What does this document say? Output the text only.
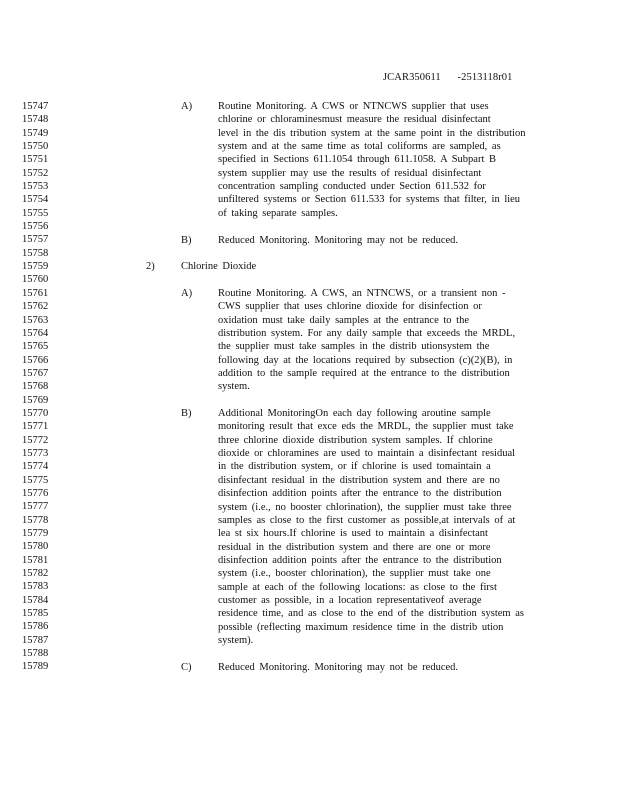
JCAR350611 -2513118r01
15747
15748
15749
15750
15751
15752
15753
15754
15755
15756
15757
15758
15759
15760
15761
15762
15763
15764
15765
15766
15767
15768
15769
15770
15771
15772
15773
15774
15775
15776
15777
15778
15779
15780
15781
15782
15783
15784
15785
15786
15787
15788
15789
A) Routine Monitoring. A CWS or NTNCWS supplier that uses
chlorine or chloraminesmust measure the residual disinfectant
level in the dis tribution system at the same point in the distribution
system and at the same time as total coliforms are sampled, as
specified in Sections 611.1054 through 611.1058. A Subpart B
system supplier may use the results of residual disinfectant
concentration sampling conducted under Section 611.532 for
unfiltered systems or Section 611.533 for systems that filter, in lieu
of taking separate samples.
B)	Reduced Monitoring. Monitoring may not be reduced.
2)	Chlorine Dioxide
A) Routine Monitoring. A CWS, an NTNCWS, or a transient non -
CWS supplier that uses chlorine dioxide for disinfection or
oxidation must take daily samples at the entrance to the
distribution system. For any daily sample that exceeds the MRDL,
the supplier must take samples in the distrib utionsystem the
following day at the locations required by subsection (c)(2)(B), in
addition to the sample required at the entrance to the distribution
system.
B)	Additional MonitoringOn each day following aroutine sample
monitoring result that exce eds the MRDL, the supplier must take
three chlorine dioxide distribution system samples. If chlorine
dioxide or chloramines are used to maintain a disinfectant residual
in the distribution system, or if chlorine is used tomaintain a
disinfectant residual in the distribution system and there are no
disinfection addition points after the entrance to the distribution
system (i.e., no booster chlorination), the supplier must take three
samples as close to the first customer as possible,at intervals of at
lea st six hours.If chlorine is used to maintain a disinfectant
residual in the distribution system and there are one or more
disinfection addition points after the entrance to the distribution
system (i.e., booster chlorination), the supplier must take one
sample at each of the following locations: as close to the first
customer as possible, in a location representativeof average
residence time, and as close to the end of the distribution system as
possible (reflecting maximum residence time in the distrib ution
system).
C)	Reduced Monitoring. Monitoring may not be reduced.
